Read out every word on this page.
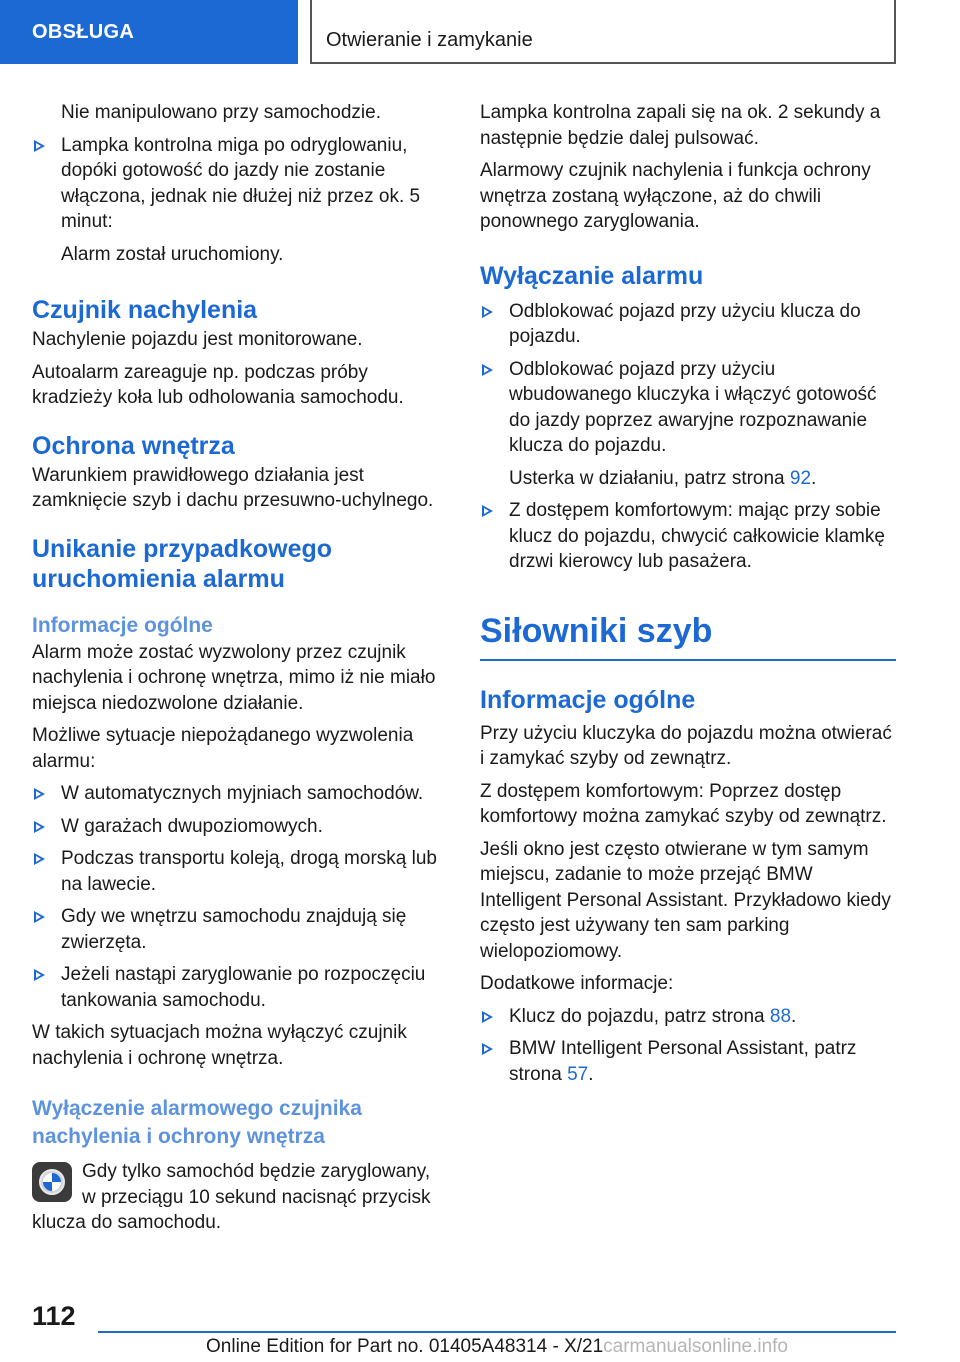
OBSŁUGA	Otwieranie i zamykanie

Nie manipulowano przy samochodzie.

Lampka kontrolna miga po odryglowaniu, dopóki gotowość do jazdy nie zostanie włączona, jednak nie dłużej niż przez ok. 5 minut:

Alarm został uruchomiony.

Czujnik nachylenia

Nachylenie pojazdu jest monitorowane.

Autoalarm zareaguje np. podczas próby kradzieży koła lub odholowania samochodu.

Ochrona wnętrza

Warunkiem prawidłowego działania jest zamknięcie szyb i dachu przesuwno-uchylnego.

Unikanie przypadkowego uruchomienia alarmu
Informacje ogólne

Alarm może zostać wyzwolony przez czujnik nachylenia i ochronę wnętrza, mimo iż nie miało miejsca niedozwolone działanie.

Możliwe sytuacje niepożądanego wyzwolenia alarmu:

W automatycznych myjniach samochodów.

W garażach dwupoziomowych.

Podczas transportu koleją, drogą morską lub na lawecie.

Gdy we wnętrzu samochodu znajdują się zwierzęta.

Jeżeli nastąpi zaryglowanie po rozpoczęciu tankowania samochodu.

W takich sytuacjach można wyłączyć czujnik nachylenia i ochronę wnętrza.

Wyłączenie alarmowego czujnika nachylenia i ochrony wnętrza

Gdy tylko samochód będzie zaryglowany, w przeciągu 10 sekund nacisnąć przycisk klucza do samochodu.

Lampka kontrolna zapali się na ok. 2 sekundy a następnie będzie dalej pulsować.

Alarmowy czujnik nachylenia i funkcja ochrony wnętrza zostaną wyłączone, aż do chwili ponownego zaryglowania.

Wyłączanie alarmu

Odblokować pojazd przy użyciu klucza do pojazdu.

Odblokować pojazd przy użyciu wbudowanego kluczyka i włączyć gotowość do jazdy poprzez awaryjne rozpoznawanie klucza do pojazdu.

Usterka w działaniu, patrz strona 92.

Z dostępem komfortowym: mając przy sobie klucz do pojazdu, chwycić całkowicie klamkę drzwi kierowcy lub pasażera.

Siłowniki szyb
Informacje ogólne

Przy użyciu kluczyka do pojazdu można otwierać i zamykać szyby od zewnątrz.

Z dostępem komfortowym: Poprzez dostęp komfortowy można zamykać szyby od zewnątrz.

Jeśli okno jest często otwierane w tym samym miejscu, zadanie to może przejąć BMW Intelligent Personal Assistant. Przykładowo kiedy często jest używany ten sam parking wielopoziomowy.

Dodatkowe informacje:

Klucz do pojazdu, patrz strona 88.

BMW Intelligent Personal Assistant, patrz strona 57.

112
Online Edition for Part no. 01405A48314 - X/21carmanualsonline.info
